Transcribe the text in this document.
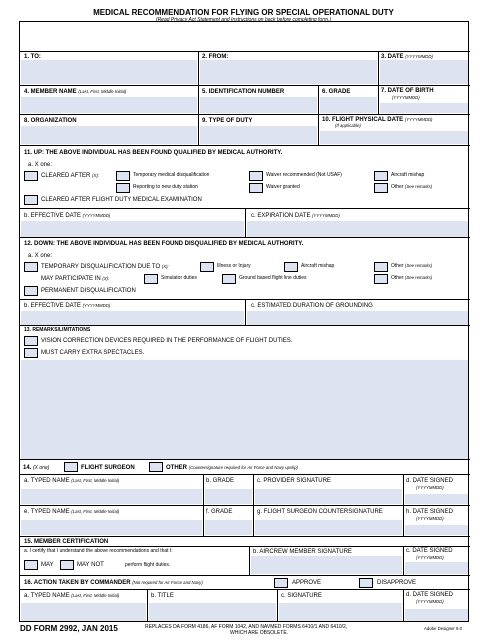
MEDICAL RECOMMENDATION FOR FLYING OR SPECIAL OPERATIONAL DUTY
(Read Privacy Act Statement and Instructions on back before completing form.)
1. TO:	2. FROM:	3. DATE (YYYYMMDD)
4. MEMBER NAME (Last, First, Middle Initial)	5. IDENTIFICATION NUMBER	6. GRADE	7. DATE OF BIRTH
(YYYYMMDD)
8. ORGANIZATION	9. TYPE OF DUTY	10. FLIGHT PHYSICAL DATE (YYYYMMDD)
(If applicable)
11. UP: THE ABOVE INDIVIDUAL HAS BEEN FOUND QUALIFIED BY MEDICAL AUTHORITY.
a. X one:
CLEARED AFTER (X):	Temporary medical disqualification	Waiver recommended (Not USAF)	Aircraft mishap
Reporting to new duty station	Waiver granted	Other (See remarks)
CLEARED AFTER FLIGHT DUTY MEDICAL EXAMINATION
b. EFFECTIVE DATE (YYYYMMDD)	c. EXPIRATION DATE (YYYYMMDD)
12. DOWN: THE ABOVE INDIVIDUAL HAS BEEN FOUND DISQUALIFIED BY MEDICAL AUTHORITY.
a. X one:
TEMPORARY DISQUALIFICATION DUE TO (X):	Illness or Injury	Aircraft mishap	Other (See remarks)
MAY PARTICIPATE IN (X):	Simulator duties	Ground based flight line duties	Other (See remarks)
PERMANENT DISQUALIFICATION
b. EFFECTIVE DATE (YYYYMMDD)	c. ESTIMATED DURATION OF GROUNDING
13. REMARKS/LIMITATIONS
VISION CORRECTION DEVICES REQUIRED IN THE PERFORMANCE OF FLIGHT DUTIES.
MUST CARRY EXTRA SPECTACLES.
14. (X one)	FLIGHT SURGEON	OTHER (Countersignature required for Air Force and Navy upslip)
a. TYPED NAME (Last, First, Middle Initial)	b. GRADE	c. PROVIDER SIGNATURE	d. DATE SIGNED
(YYYYMMDD)
e. TYPED NAME (Last, First, Middle Initial)	f. GRADE	g. FLIGHT SURGEON COUNTERSIGNATURE	h. DATE SIGNED
(YYYYMMDD)
15. MEMBER CERTIFICATION
a. I certify that I understand the above recommendations and that I:
MAY	MAY NOT	perform flight duties.
b. AIRCREW MEMBER SIGNATURE	c. DATE SIGNED
(YYYYMMDD)
16. ACTION TAKEN BY COMMANDER (Not required for Air Force and Navy)	APPROVE	DISAPPROVE
a. TYPED NAME (Last, First, Middle Initial)	b. TITLE	c. SIGNATURE	d. DATE SIGNED
(YYYYMMDD)
DD FORM 2992, JAN 2015	REPLACES DA FORM 4186, AF FORM 1042, AND NAVMED FORMS 6410/1 AND 6410/2,
WHICH ARE OBSOLETE.
Adobe Designer 9.0
